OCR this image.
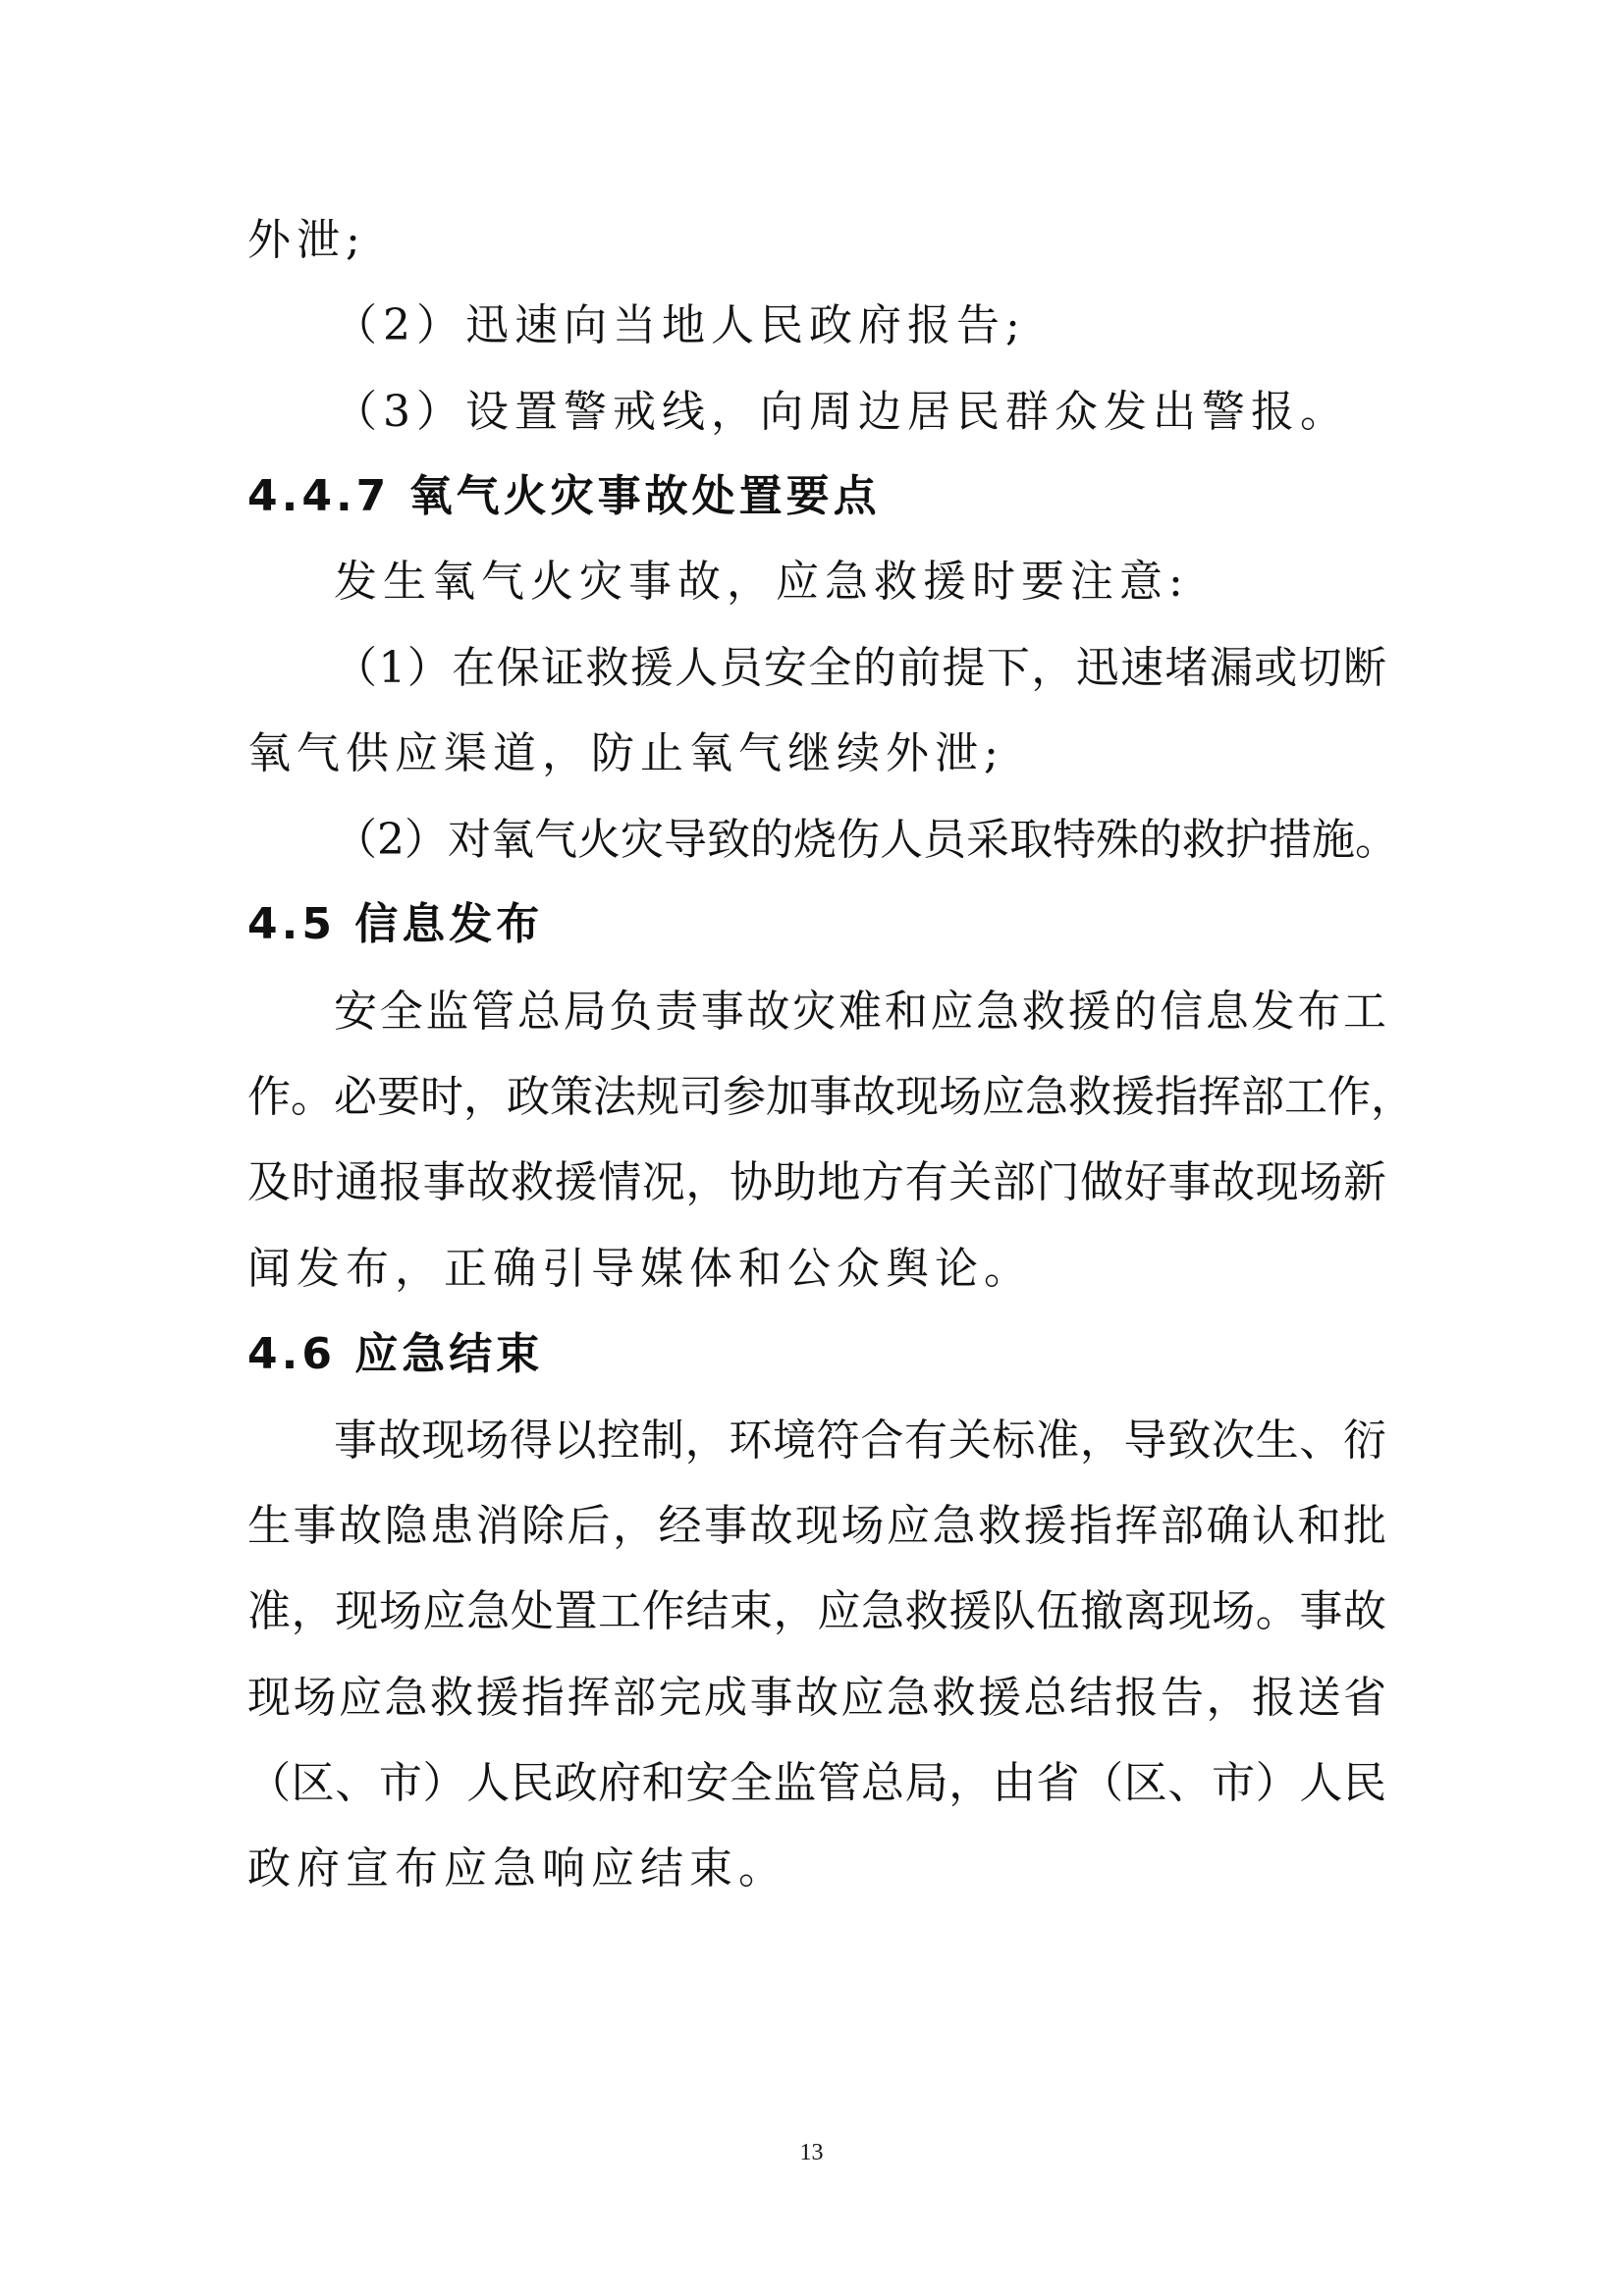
外泄;
（2）迅速向当地人民政府报告;
（3）设置警戒线，向周边居民群众发出警报。
4.4.7 氧气火灾事故处置要点
发生氧气火灾事故，应急救援时要注意:
（1）在保证救援人员安全的前提下，迅速堵漏或切断
氧气供应渠道，防止氧气继续外泄;
（2）对氧气火灾导致的烧伤人员采取特殊的救护措施。
4.5 信息发布
安全监管总局负责事故灾难和应急救援的信息发布工
作。必要时，政策法规司参加事故现场应急救援指挥部工作，
及时通报事故救援情况，协助地方有关部门做好事故现场新
闻发布，正确引导媒体和公众舆论。
4.6 应急结束
事故现场得以控制，环境符合有关标准，导致次生、衍
生事故隐患消除后，经事故现场应急救援指挥部确认和批
准，现场应急处置工作结束，应急救援队伍撤离现场。事故
现场应急救援指挥部完成事故应急救援总结报告，报送省
（区、市）人民政府和安全监管总局，由省（区、市）人民
政府宣布应急响应结束。
13
